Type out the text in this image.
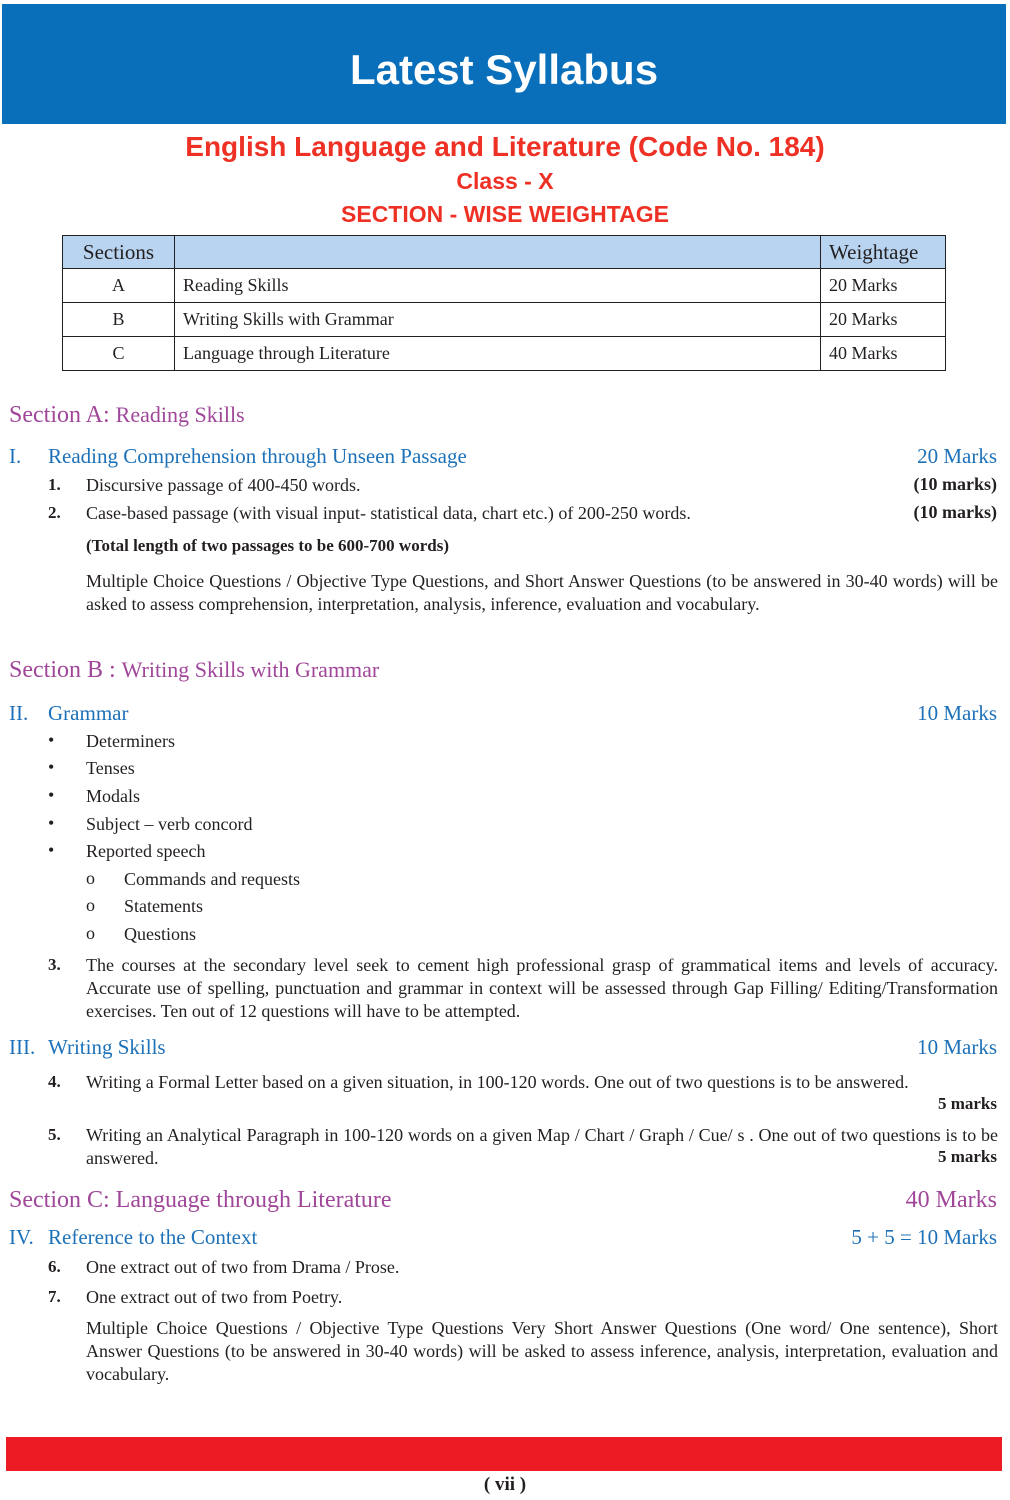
Latest Syllabus
English Language and Literature (Code No. 184)
Class - X
SECTION - WISE WEIGHTAGE
Sections		Weightage
A	Reading Skills	20 Marks
B	Writing Skills with Grammar	20 Marks
C	Language through Literature	40 Marks
Section A: Reading Skills
I. Reading Comprehension through Unseen Passage	20 Marks
1. Discursive passage of 400-450 words.	(10 marks)
2. Case-based passage (with visual input- statistical data, chart etc.) of 200-250 words.	(10 marks)
(Total length of two passages to be 600-700 words)
Multiple Choice Questions / Objective Type Questions, and Short Answer Questions (to be answered in 30-40 words) will be asked to assess comprehension, interpretation, analysis, inference, evaluation and vocabulary.
Section B : Writing Skills with Grammar
II. Grammar	10 Marks
• Determiners
• Tenses
• Modals
• Subject – verb concord
• Reported speech
o Commands and requests
o Statements
o Questions
3. The courses at the secondary level seek to cement high professional grasp of grammatical items and levels of accuracy. Accurate use of spelling, punctuation and grammar in context will be assessed through Gap Filling/ Editing/Transformation exercises. Ten out of 12 questions will have to be attempted.
III. Writing Skills	10 Marks
4. Writing a Formal Letter based on a given situation, in 100-120 words. One out of two questions is to be answered.
5 marks
5. Writing an Analytical Paragraph in 100-120 words on a given Map / Chart / Graph / Cue/ s . One out of two questions is to be answered.	5 marks
Section C: Language through Literature	40 Marks
IV. Reference to the Context	5 + 5 = 10 Marks
6. One extract out of two from Drama / Prose.
7. One extract out of two from Poetry.
Multiple Choice Questions / Objective Type Questions Very Short Answer Questions (One word/ One sentence), Short Answer Questions (to be answered in 30-40 words) will be asked to assess inference, analysis, interpretation, evaluation and vocabulary.
( vii )
